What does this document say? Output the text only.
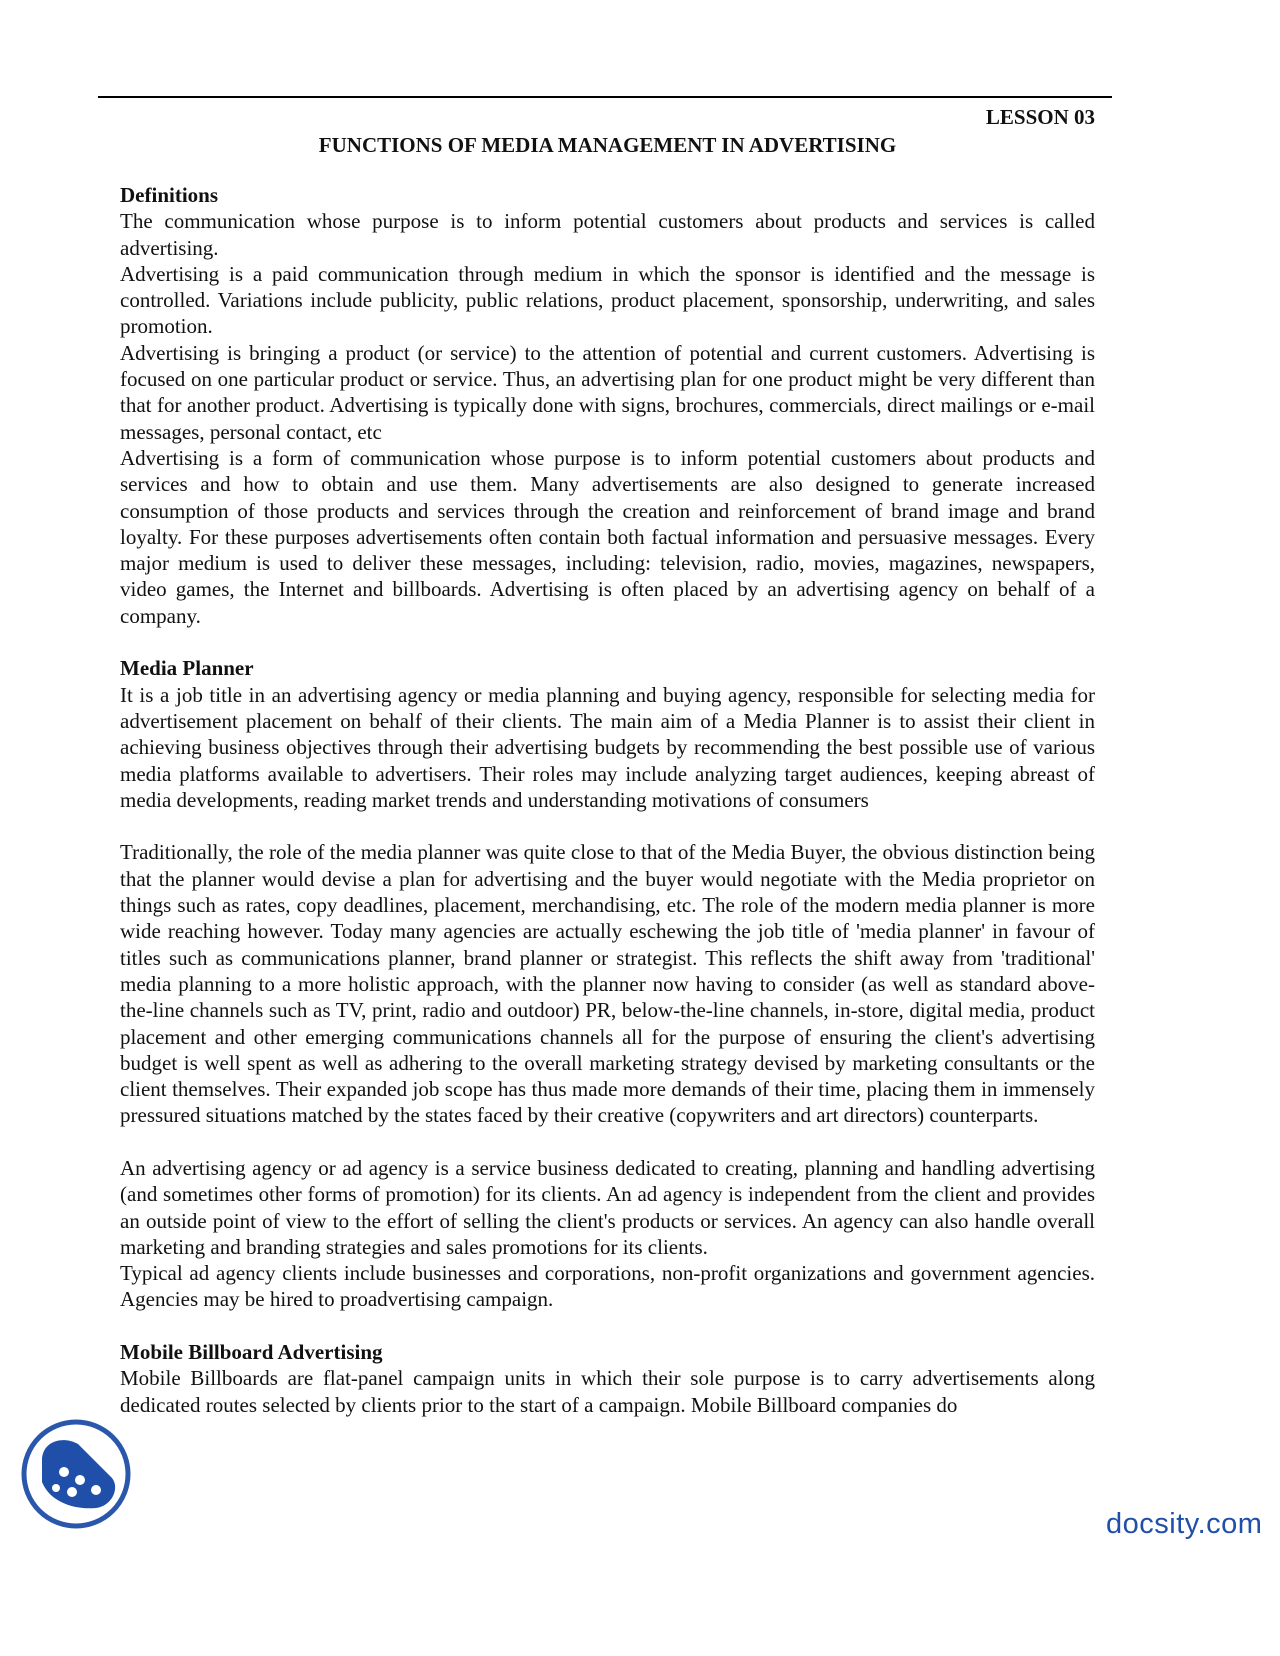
LESSON 03

FUNCTIONS OF MEDIA MANAGEMENT IN ADVERTISING

Definitions

The communication whose purpose is to inform potential customers about products and services is called advertising.

Advertising is a paid communication through medium in which the sponsor is identified and the message is controlled. Variations include publicity, public relations, product placement, sponsorship, underwriting, and sales promotion.

Advertising is bringing a product (or service) to the attention of potential and current customers. Advertising is focused on one particular product or service. Thus, an advertising plan for one product might be very different than that for another product. Advertising is typically done with signs, brochures, commercials, direct mailings or e-mail messages, personal contact, etc

Advertising is a form of communication whose purpose is to inform potential customers about products and services and how to obtain and use them. Many advertisements are also designed to generate increased consumption of those products and services through the creation and reinforcement of brand image and brand loyalty. For these purposes advertisements often contain both factual information and persuasive messages. Every major medium is used to deliver these messages, including: television, radio, movies, magazines, newspapers, video games, the Internet and billboards. Advertising is often placed by an advertising agency on behalf of a company.

Media Planner

It is a job title in an advertising agency or media planning and buying agency, responsible for selecting media for advertisement placement on behalf of their clients. The main aim of a Media Planner is to assist their client in achieving business objectives through their advertising budgets by recommending the best possible use of various media platforms available to advertisers. Their roles may include analyzing target audiences, keeping abreast of media developments, reading market trends and understanding motivations of consumers

Traditionally, the role of the media planner was quite close to that of the Media Buyer, the obvious distinction being that the planner would devise a plan for advertising and the buyer would negotiate with the Media proprietor on things such as rates, copy deadlines, placement, merchandising, etc. The role of the modern media planner is more wide reaching however. Today many agencies are actually eschewing the job title of 'media planner' in favour of titles such as communications planner, brand planner or strategist. This reflects the shift away from 'traditional' media planning to a more holistic approach, with the planner now having to consider (as well as standard above-the-line channels such as TV, print, radio and outdoor) PR, below-the-line channels, in-store, digital media, product placement and other emerging communications channels all for the purpose of ensuring the client's advertising budget is well spent as well as adhering to the overall marketing strategy devised by marketing consultants or the client themselves. Their expanded job scope has thus made more demands of their time, placing them in immensely pressured situations matched by the states faced by their creative (copywriters and art directors) counterparts.

An advertising agency or ad agency is a service business dedicated to creating, planning and handling advertising (and sometimes other forms of promotion) for its clients. An ad agency is independent from the client and provides an outside point of view to the effort of selling the client's products or services. An agency can also handle overall marketing and branding strategies and sales promotions for its clients.

Typical ad agency clients include businesses and corporations, non-profit organizations and government agencies. Agencies may be hired to proadvertising campaign.

Mobile Billboard Advertising

Mobile Billboards are flat-panel campaign units in which their sole purpose is to carry advertisements along dedicated routes selected by clients prior to the start of a campaign. Mobile Billboard companies do

docsity.com
